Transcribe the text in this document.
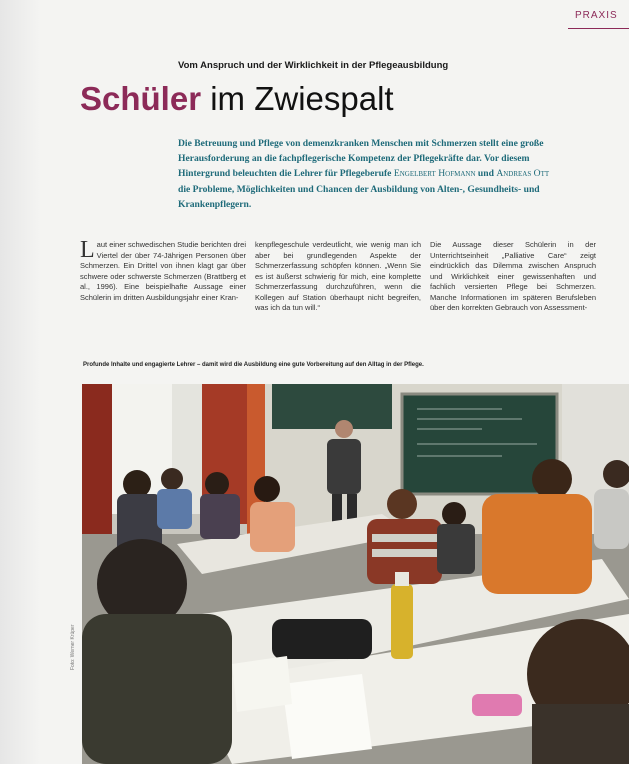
PRAXIS
Vom Anspruch und der Wirklichkeit in der Pflegeausbildung
Schüler im Zwiespalt
Die Betreuung und Pflege von demenzkranken Menschen mit Schmerzen stellt eine große Herausforderung an die fachpflegerische Kompetenz der Pflegekräfte dar. Vor diesem Hintergrund beleuchten die Lehrer für Pflegeberufe Engelbert Hofmann und Andreas Ott die Probleme, Möglichkeiten und Chancen der Ausbildung von Alten-, Gesundheits- und Krankenpflegern.
Laut einer schwedischen Studie berichten drei Viertel der über 74-Jährigen Personen über Schmerzen. Ein Drittel von ihnen klagt gar über schwere oder schwerste Schmerzen (Brattberg et al., 1996). Eine beispielhafte Aussage einer Schülerin im dritten Ausbildungsjahr einer Kran-
kenpflegeschule verdeutlicht, wie wenig man ich aber bei grundlegenden Aspekte der Schmerzerfassung schöpfen können. „Wenn Sie es ist äußerst schwierig für mich, eine komplette Schmerzerfassung durchzuführen, wenn die Kollegen auf Station überhaupt nicht begreifen, was ich da tun will.“
Die Aussage dieser Schülerin in der Unterrichtseinheit „Palliative Care“ zeigt eindrücklich das Dilemma zwischen Anspruch und Wirklichkeit einer gewissenhaften und fachlich versierten Pflege bei Schmerzen. Manche Informationen im späteren Berufsleben über den korrekten Gebrauch von Assessment-
Profunde Inhalte und engagierte Lehrer – damit wird die Ausbildung eine gute Vorbereitung auf den Alltag in der Pflege.
Foto: Werner Krüper
